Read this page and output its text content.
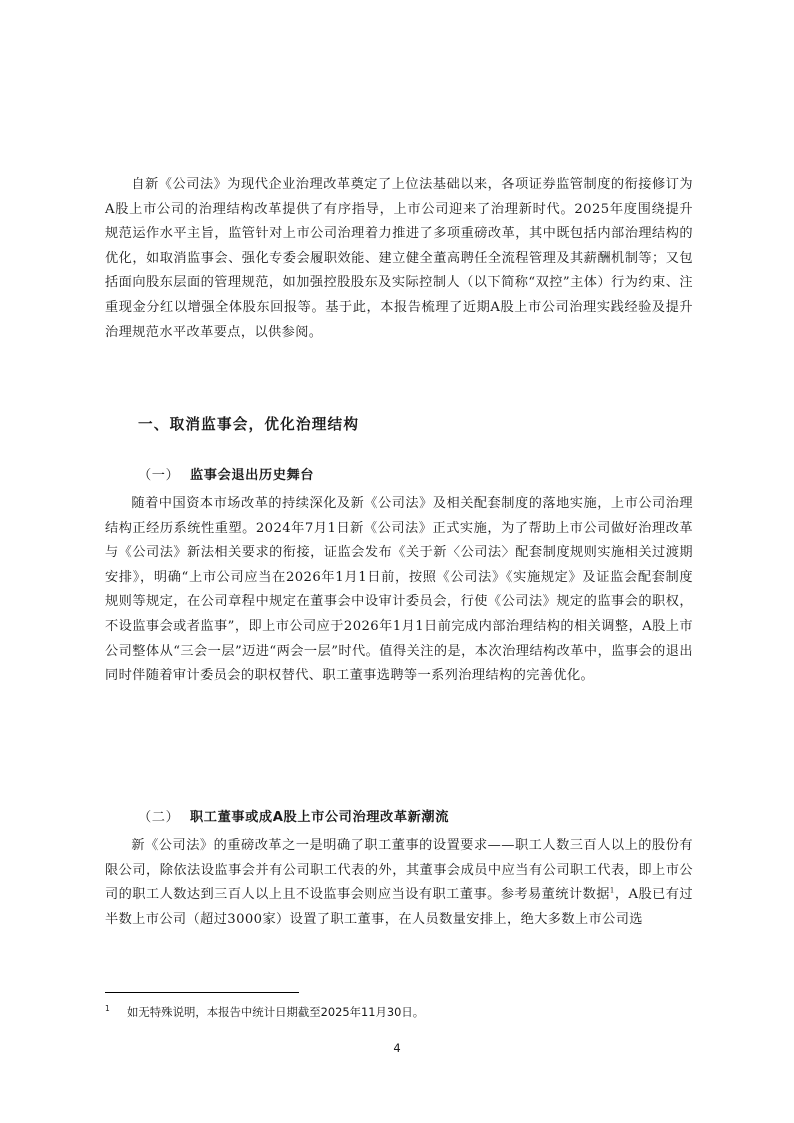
自新《公司法》为现代企业治理改革奠定了上位法基础以来，各项证券监管制度的衔接修订为A股上市公司的治理结构改革提供了有序指导，上市公司迎来了治理新时代。2025年度围绕提升规范运作水平主旨，监管针对上市公司治理着力推进了多项重磅改革，其中既包括内部治理结构的优化，如取消监事会、强化专委会履职效能、建立健全董高聘任全流程管理及其薪酬机制等；又包括面向股东层面的管理规范，如加强控股股东及实际控制人（以下简称“双控”主体）行为约束、注重现金分红以增强全体股东回报等。基于此，本报告梳理了近期A股上市公司治理实践经验及提升治理规范水平改革要点，以供参阅。

一、取消监事会，优化治理结构
（一） 监事会退出历史舞台

随着中国资本市场改革的持续深化及新《公司法》及相关配套制度的落地实施，上市公司治理结构正经历系统性重塑。2024年7月1日新《公司法》正式实施，为了帮助上市公司做好治理改革与《公司法》新法相关要求的衔接，证监会发布《关于新〈公司法〉配套制度规则实施相关过渡期安排》，明确“上市公司应当在2026年1月1日前，按照《公司法》《实施规定》及证监会配套制度规则等规定，在公司章程中规定在董事会中设审计委员会，行使《公司法》规定的监事会的职权，不设监事会或者监事”，即上市公司应于2026年1月1日前完成内部治理结构的相关调整，A股上市公司整体从“三会一层”迈进“两会一层”时代。值得关注的是，本次治理结构改革中，监事会的退出同时伴随着审计委员会的职权替代、职工董事选聘等一系列治理结构的完善优化。

（二） 职工董事或成A股上市公司治理改革新潮流

新《公司法》的重磅改革之一是明确了职工董事的设置要求——职工人数三百人以上的股份有限公司，除依法设监事会并有公司职工代表的外，其董事会成员中应当有公司职工代表，即上市公司的职工人数达到三百人以上且不设监事会则应当设有职工董事。参考易董统计数据$^1$，A股已有过半数上市公司（超过3000家）设置了职工董事，在人员数量安排上，绝大多数上市公司选

1 如无特殊说明，本报告中统计日期截至2025年11月30日。

4
